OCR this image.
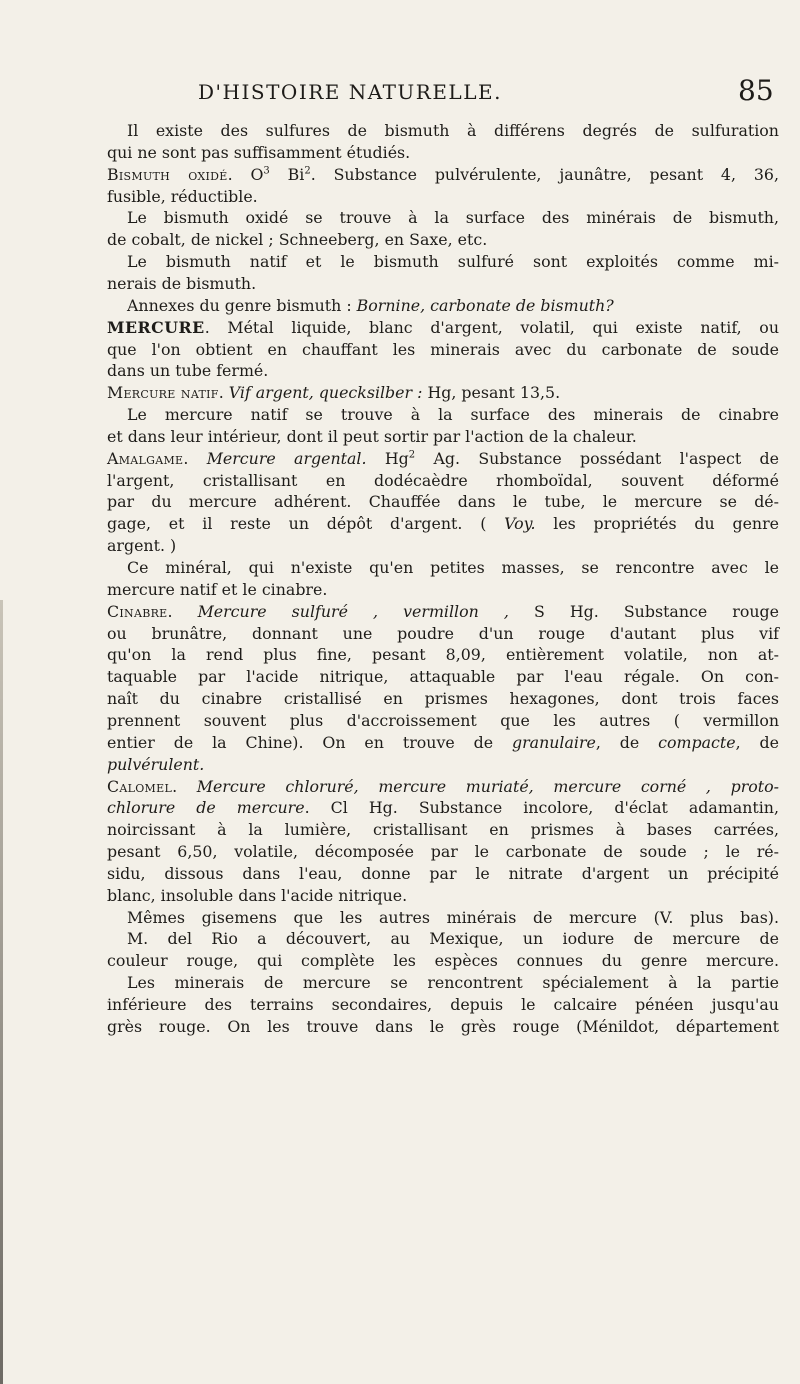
D'HISTOIRE NATURELLE.	85
Il existe des sulfures de bismuth à différens degrés de sulfuration
qui ne sont pas suffisamment étudiés.
Bismuth oxidé. $O^3$ Bi$^2$. Substance pulvérulente, jaunâtre, pesant 4, 36,
fusible, réductible.
Le bismuth oxidé se trouve à la surface des minérais de bismuth,
de cobalt, de nickel ; Schneeberg, en Saxe, etc.
Le bismuth natif et le bismuth sulfuré sont exploités comme mi-
nerais de bismuth.
Annexes du genre bismuth : Bornine, carbonate de bismuth?
MERCURE. Métal liquide, blanc d'argent, volatil, qui existe natif, ou
que l'on obtient en chauffant les minerais avec du carbonate de soude
dans un tube fermé.
Mercure natif. Vif argent, quecksilber : Hg, pesant 13,5.
Le mercure natif se trouve à la surface des minerais de cinabre
et dans leur intérieur, dont il peut sortir par l'action de la chaleur.
Amalgame. Mercure argental. Hg$^2$ Ag. Substance possédant l'aspect de
l'argent, cristallisant en dodécaèdre rhomboïdal, souvent déformé
par du mercure adhérent. Chauffée dans le tube, le mercure se dé-
gage, et il reste un dépôt d'argent. ( Voy. les propriétés du genre
argent. )
Ce minéral, qui n'existe qu'en petites masses, se rencontre avec le
mercure natif et le cinabre.
Cinabre. Mercure sulfuré , vermillon , S Hg. Substance rouge
ou brunâtre, donnant une poudre d'un rouge d'autant plus vif
qu'on la rend plus fine, pesant 8,09, entièrement volatile, non at-
taquable par l'acide nitrique, attaquable par l'eau régale. On con-
naît du cinabre cristallisé en prismes hexagones, dont trois faces
prennent souvent plus d'accroissement que les autres ( vermillon
entier de la Chine). On en trouve de granulaire, de compacte, de
pulvérulent.
Calomel. Mercure chloruré, mercure muriaté, mercure corné , proto-
chlorure de mercure. Cl Hg. Substance incolore, d'éclat adamantin,
noircissant à la lumière, cristallisant en prismes à bases carrées,
pesant 6,50, volatile, décomposée par le carbonate de soude ; le ré-
sidu, dissous dans l'eau, donne par le nitrate d'argent un précipité
blanc, insoluble dans l'acide nitrique.
Mêmes gisemens que les autres minérais de mercure (V. plus bas).
M. del Rio a découvert, au Mexique, un iodure de mercure de
couleur rouge, qui complète les espèces connues du genre mercure.
Les minerais de mercure se rencontrent spécialement à la partie
inférieure des terrains secondaires, depuis le calcaire pénéen jusqu'au
grès rouge. On les trouve dans le grès rouge (Ménildot, département
